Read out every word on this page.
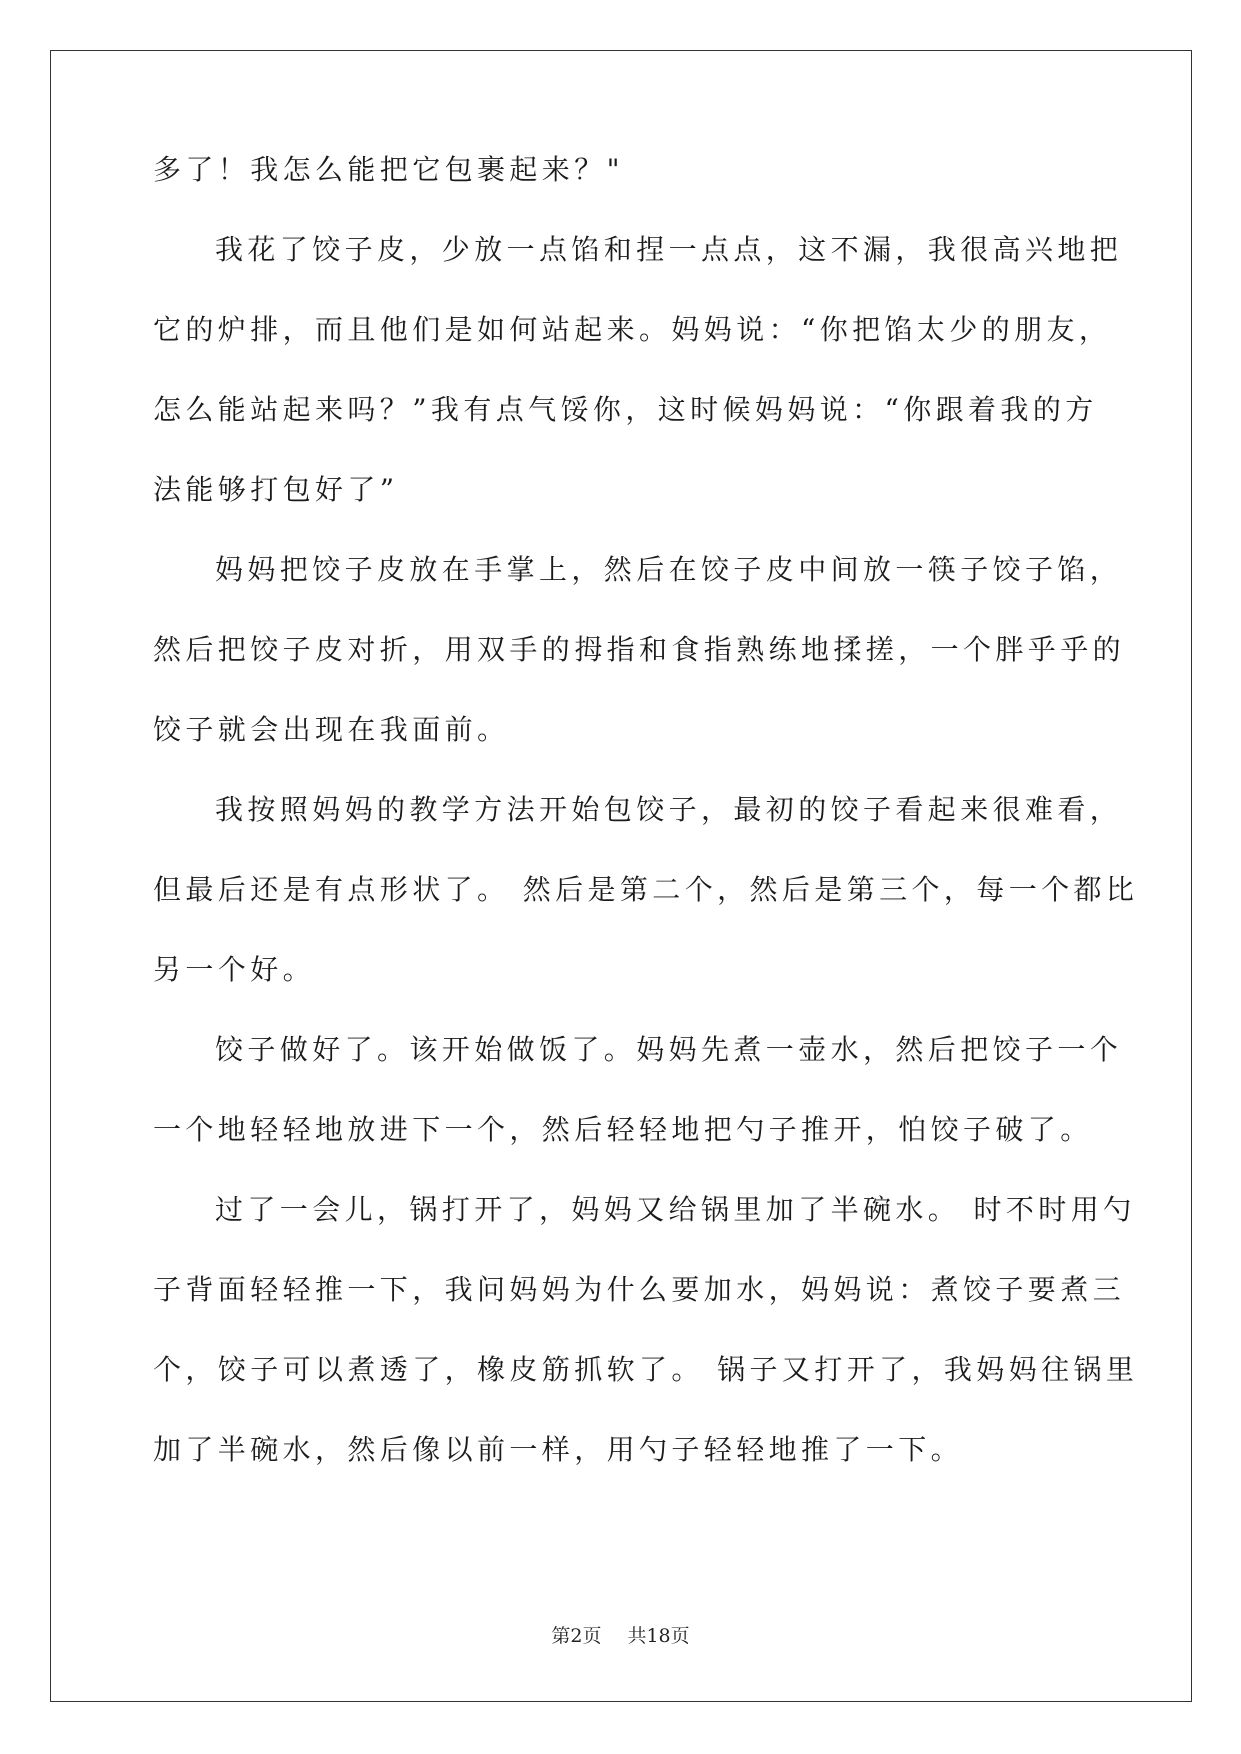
多了！我怎么能把它包裹起来？"
我花了饺子皮，少放一点馅和捏一点点，这不漏，我很高兴地把
它的炉排，而且他们是如何站起来。妈妈说：“你把馅太少的朋友，
怎么能站起来吗？”我有点气馁你，这时候妈妈说：“你跟着我的方
法能够打包好了”
妈妈把饺子皮放在手掌上，然后在饺子皮中间放一筷子饺子馅，
然后把饺子皮对折，用双手的拇指和食指熟练地揉搓，一个胖乎乎的
饺子就会出现在我面前。
我按照妈妈的教学方法开始包饺子，最初的饺子看起来很难看，
但最后还是有点形状了。 然后是第二个，然后是第三个，每一个都比
另一个好。
饺子做好了。该开始做饭了。妈妈先煮一壶水，然后把饺子一个
一个地轻轻地放进下一个，然后轻轻地把勺子推开，怕饺子破了。
过了一会儿，锅打开了，妈妈又给锅里加了半碗水。 时不时用勺
子背面轻轻推一下，我问妈妈为什么要加水，妈妈说：煮饺子要煮三
个，饺子可以煮透了，橡皮筋抓软了。 锅子又打开了，我妈妈往锅里
加了半碗水，然后像以前一样，用勺子轻轻地推了一下。
第2页 共18页
